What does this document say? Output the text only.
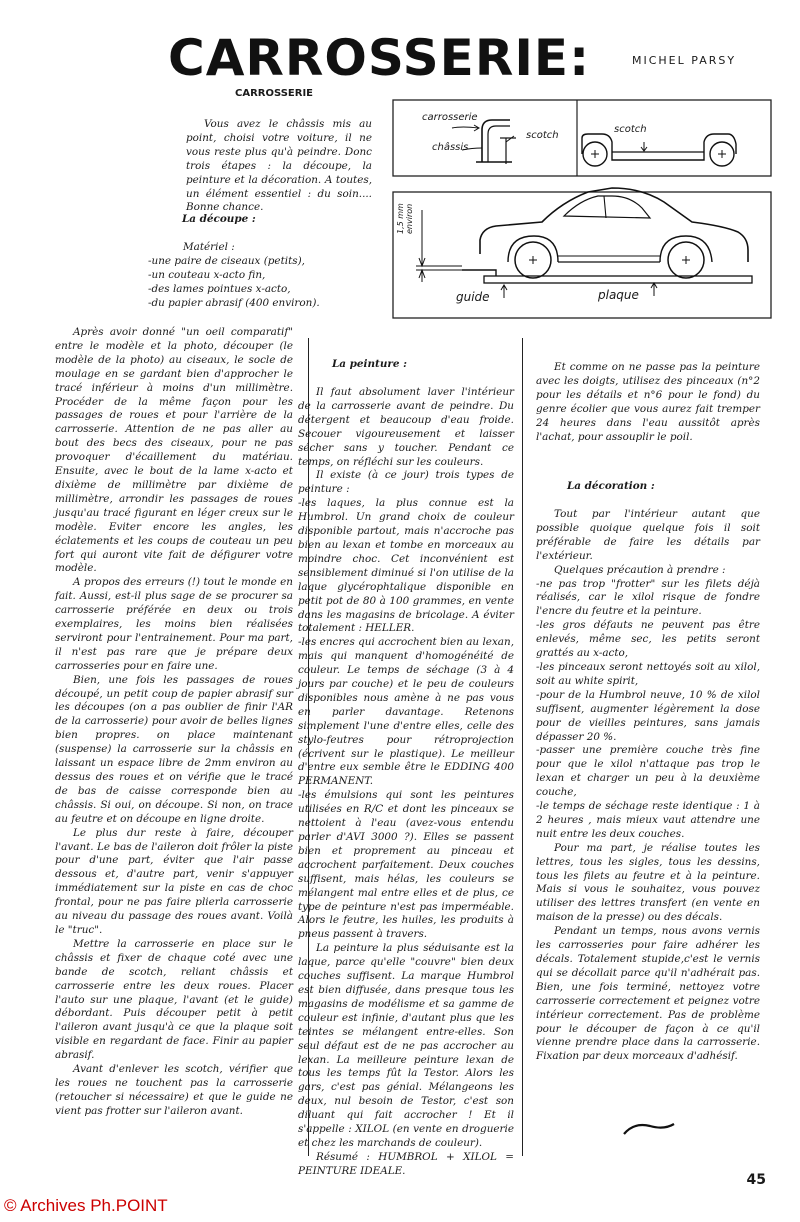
CARROSSERIE:	MICHEL PARSY
CARROSSERIE

Vous avez le châssis mis au point, choisi votre voiture, il ne vous reste plus qu'à peindre. Donc trois étapes : la découpe, la peinture et la décoration. A toutes, un élément essentiel : du soin.... Bonne chance.

La découpe :
Matériel :
-une paire de ciseaux (petits),
-un couteau x-acto fin,
-des lames pointues x-acto,
-du papier abrasif (400 environ).
carrosserie
châssis
scotch
scotch
1,5 mm environ
guide	plaque

Après avoir donné "un oeil comparatif" entre le modèle et la photo, découper (le modèle de la photo) au ciseaux, le socle de moulage en se gardant bien d'approcher le tracé inférieur à moins d'un millimètre. Procéder de la même façon pour les passages de roues et pour l'arrière de la carrosserie. Attention de ne pas aller au bout des becs des ciseaux, pour ne pas provoquer d'écaillement du matériau. Ensuite, avec le bout de la lame x-acto et dixième de millimètre par dixième de millimètre, arrondir les passages de roues jusqu'au tracé figurant en léger creux sur le modèle. Eviter encore les angles, les éclatements et les coups de couteau un peu fort qui auront vite fait de défigurer votre modèle.

A propos des erreurs (!) tout le monde en fait. Aussi, est-il plus sage de se procurer sa carrosserie préférée en deux ou trois exemplaires, les moins bien réalisées serviront pour l'entrainement. Pour ma part, il n'est pas rare que je prépare deux carrosseries pour en faire une.

Bien, une fois les passages de roues découpé, un petit coup de papier abrasif sur les découpes (on a pas oublier de finir l'AR de la carrosserie) pour avoir de belles lignes bien propres. on place maintenant (suspense) la carrosserie sur la châssis en laissant un espace libre de 2mm environ au dessus des roues et on vérifie que le tracé de bas de caisse corresponde bien au châssis. Si oui, on découpe. Si non, on trace au feutre et on découpe en ligne droite.

Le plus dur reste à faire, découper l'avant. Le bas de l'aileron doit frôler la piste pour d'une part, éviter que l'air passe dessous et, d'autre part, venir s'appuyer immédiatement sur la piste en cas de choc frontal, pour ne pas faire plierla carrosserie au niveau du passage des roues avant. Voilà le "truc".

Mettre la carrosserie en place sur le châssis et fixer de chaque coté avec une bande de scotch, reliant châssis et carrosserie entre les deux roues. Placer l'auto sur une plaque, l'avant (et le guide) débordant. Puis découper petit à petit l'aileron avant jusqu'à ce que la plaque soit visible en regardant de face. Finir au papier abrasif.

Avant d'enlever les scotch, vérifier que les roues ne touchent pas la carrosserie (retoucher si nécessaire) et que le guide ne vient pas frotter sur l'aileron avant.

La peinture :

Il faut absolument laver l'intérieur de la carrosserie avant de peindre. Du détergent et beaucoup d'eau froide. Secouer vigoureusement et laisser sécher sans y toucher. Pendant ce temps, on réfléchi sur les couleurs.

Il existe (à ce jour) trois types de peinture :

-les laques, la plus connue est la Humbrol. Un grand choix de couleur disponible partout, mais n'accroche pas bien au lexan et tombe en morceaux au moindre choc. Cet inconvénient est sensiblement diminué si l'on utilise de la laque glycérophtalique disponible en petit pot de 80 à 100 grammes, en vente dans les magasins de bricolage. A éviter totalement : HELLER.
-les encres qui accrochent bien au lexan, mais qui manquent d'homogénéité de couleur. Le temps de séchage (3 à 4 jours par couche) et le peu de couleurs disponibles nous amène à ne pas vous en parler davantage. Retenons simplement l'une d'entre elles, celle des stylo-feutres pour rétroprojection (écrivent sur le plastique). Le meilleur d'entre eux semble être le EDDING 400 PERMANENT.
-les émulsions qui sont les peintures utilisées en R/C et dont les pinceaux se nettoient à l'eau (avez-vous entendu parler d'AVI 3000 ?). Elles se passent bien et proprement au pinceau et accrochent parfaitement. Deux couches suffisent, mais hélas, les couleurs se mélangent mal entre elles et de plus, ce type de peinture n'est pas imperméable. Alors le feutre, les huiles, les produits à pneus passent à travers.

La peinture la plus séduisante est la laque, parce qu'elle "couvre" bien deux couches suffisent. La marque Humbrol est bien diffusée, dans presque tous les magasins de modélisme et sa gamme de couleur est infinie, d'autant plus que les teintes se mélangent entre-elles. Son seul défaut est de ne pas accrocher au lexan. La meilleure peinture lexan de tous les temps fût la Testor. Alors les gars, c'est pas génial. Mélangeons les deux, nul besoin de Testor, c'est son diluant qui fait accrocher ! Et il s'appelle : XILOL (en vente en droguerie et chez les marchands de couleur).

Résumé : HUMBROL + XILOL = PEINTURE IDEALE.

Et comme on ne passe pas la peinture avec les doigts, utilisez des pinceaux (n°2 pour les détails et n°6 pour le fond) du genre écolier que vous aurez fait tremper 24 heures dans l'eau aussitôt après l'achat, pour assouplir le poil.

La décoration :

Tout par l'intérieur autant que possible quoique quelque fois il soit préférable de faire les détails par l'extérieur.

Quelques précaution à prendre :

-ne pas trop "frotter" sur les filets déjà réalisés, car le xilol risque de fondre l'encre du feutre et la peinture.
-les gros défauts ne peuvent pas être enlevés, même sec, les petits seront grattés au x-acto,
-les pinceaux seront nettoyés soit au xilol, soit au white spirit,
-pour de la Humbrol neuve, 10 % de xilol suffisent, augmenter légèrement la dose pour de vieilles peintures, sans jamais dépasser 20 %.
-passer une première couche très fine pour que le xilol n'attaque pas trop le lexan et charger un peu à la deuxième couche,
-le temps de séchage reste identique : 1 à 2 heures , mais mieux vaut attendre une nuit entre les deux couches.

Pour ma part, je réalise toutes les lettres, tous les sigles, tous les dessins, tous les filets au feutre et à la peinture. Mais si vous le souhaitez, vous pouvez utiliser des lettres transfert (en vente en maison de la presse) ou des décals.

Pendant un temps, nous avons vernis les carrosseries pour faire adhérer les décals. Totalement stupide,c'est le vernis qui se décollait parce qu'il n'adhérait pas. Bien, une fois terminé, nettoyez votre carrosserie correctement et peignez votre intérieur correctement. Pas de problème pour le découper de façon à ce qu'il vienne prendre place dans la carrosserie. Fixation par deux morceaux d'adhésif.

45
© Archives Ph.POINT
